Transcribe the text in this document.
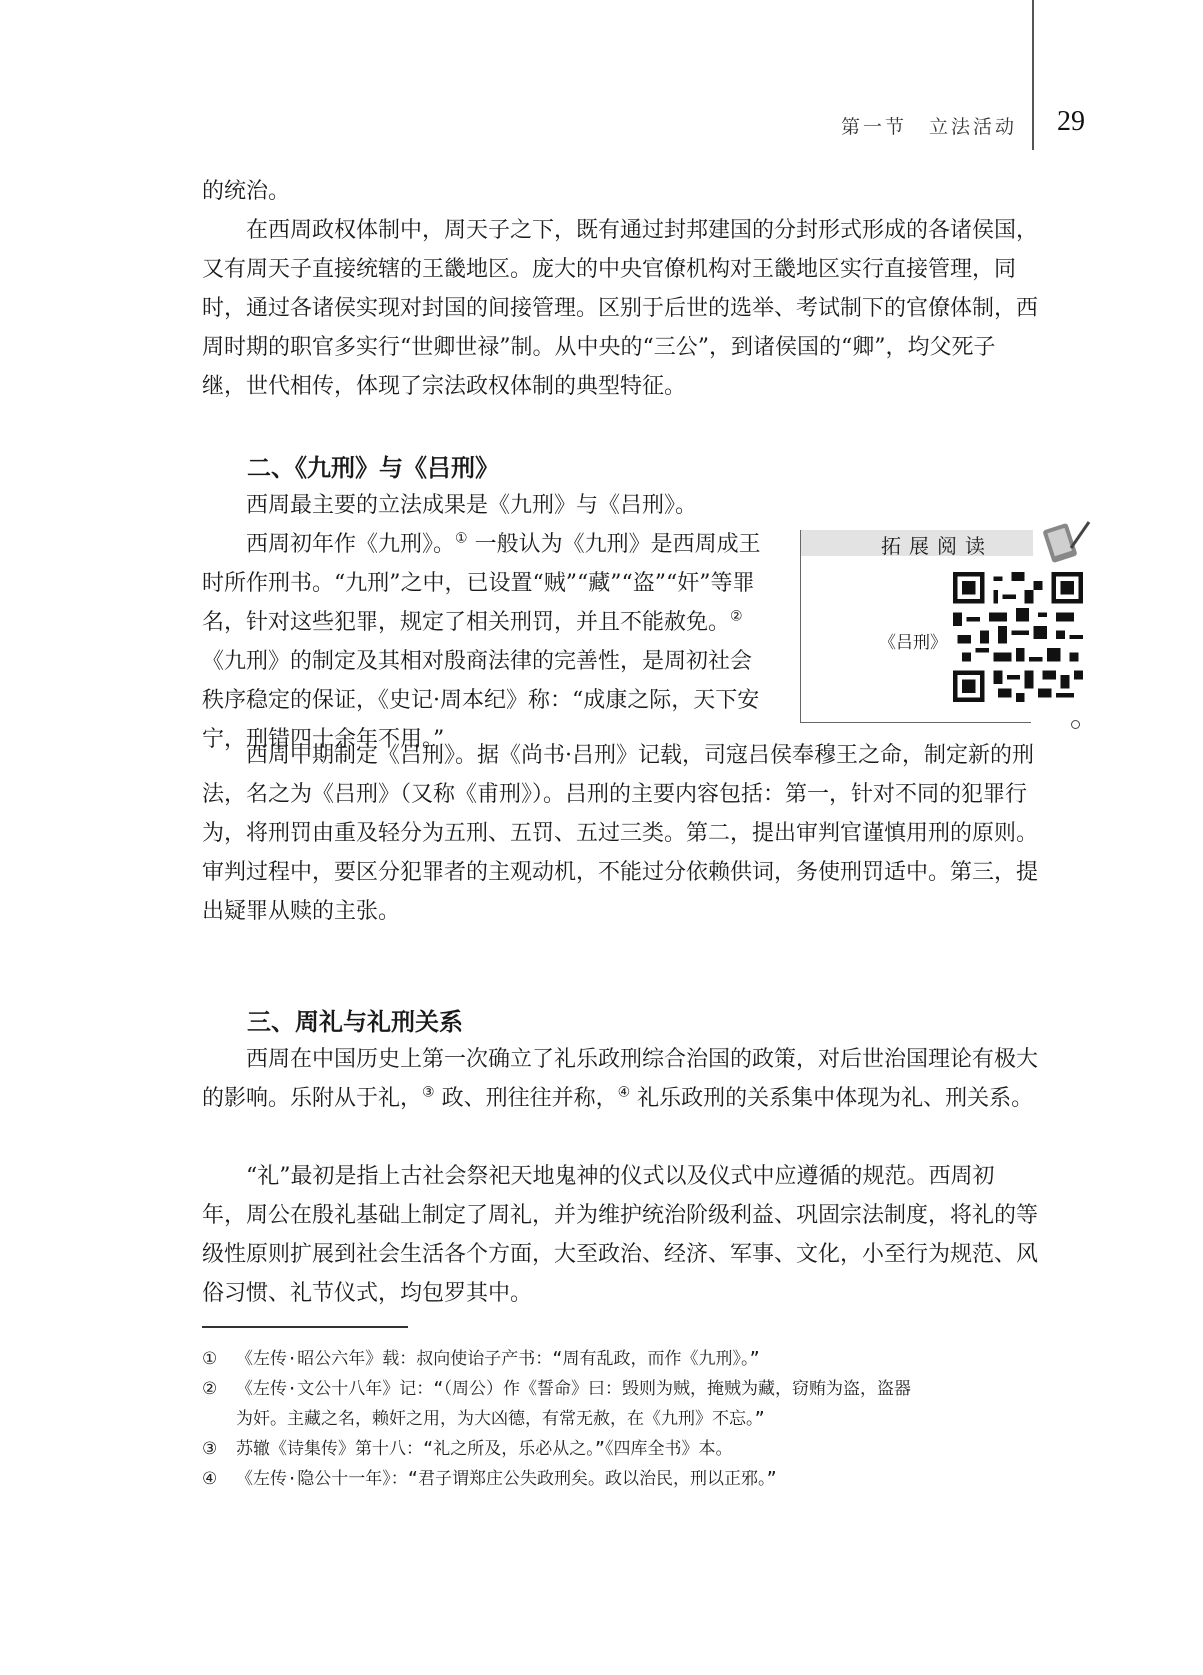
第一节　立法活动 29

的统治。

在西周政权体制中，周天子之下，既有通过封邦建国的分封形式形成的各诸侯国，又有周天子直接统辖的王畿地区。庞大的中央官僚机构对王畿地区实行直接管理，同时，通过各诸侯实现对封国的间接管理。区别于后世的选举、考试制下的官僚体制，西周时期的职官多实行“世卿世禄”制。从中央的“三公”，到诸侯国的“卿”，均父死子继，世代相传，体现了宗法政权体制的典型特征。

二、《九刑》与《吕刑》

西周最主要的立法成果是《九刑》与《吕刑》。

西周初年作《九刑》。① 一般认为《九刑》是西周成王时所作刑书。“九刑”之中，已设置“贼”“藏”“盗”“奸”等罪名，针对这些犯罪，规定了相关刑罚，并且不能赦免。② 《九刑》的制定及其相对殷商法律的完善性，是周初社会秩序稳定的保证，《史记·周本纪》称：“成康之际，天下安宁，刑错四十余年不用。”

拓展阅读
《吕刑》

西周中期制定《吕刑》。据《尚书·吕刑》记载，司寇吕侯奉穆王之命，制定新的刑法，名之为《吕刑》（又称《甫刑》）。吕刑的主要内容包括：第一，针对不同的犯罪行为，将刑罚由重及轻分为五刑、五罚、五过三类。第二，提出审判官谨慎用刑的原则。审判过程中，要区分犯罪者的主观动机，不能过分依赖供词，务使刑罚适中。第三，提出疑罪从赎的主张。

三、周礼与礼刑关系

西周在中国历史上第一次确立了礼乐政刑综合治国的政策，对后世治国理论有极大的影响。乐附从于礼，③ 政、刑往往并称，④ 礼乐政刑的关系集中体现为礼、刑关系。

“礼”最初是指上古社会祭祀天地鬼神的仪式以及仪式中应遵循的规范。西周初年，周公在殷礼基础上制定了周礼，并为维护统治阶级利益、巩固宗法制度，将礼的等级性原则扩展到社会生活各个方面，大至政治、经济、军事、文化，小至行为规范、风俗习惯、礼节仪式，均包罗其中。

① 《左传·昭公六年》载：叔向使诒子产书：“周有乱政，而作《九刑》。”

② 《左传·文公十八年》记：“（周公）作《誓命》曰：毁则为贼，掩贼为藏，窃贿为盗，盗器

为奸。主藏之名，赖奸之用，为大凶德，有常无赦，在《九刑》不忘。”

③ 苏辙《诗集传》第十八：“礼之所及，乐必从之。”《四库全书》本。

④ 《左传·隐公十一年》：“君子谓郑庄公失政刑矣。政以治民，刑以正邪。”
